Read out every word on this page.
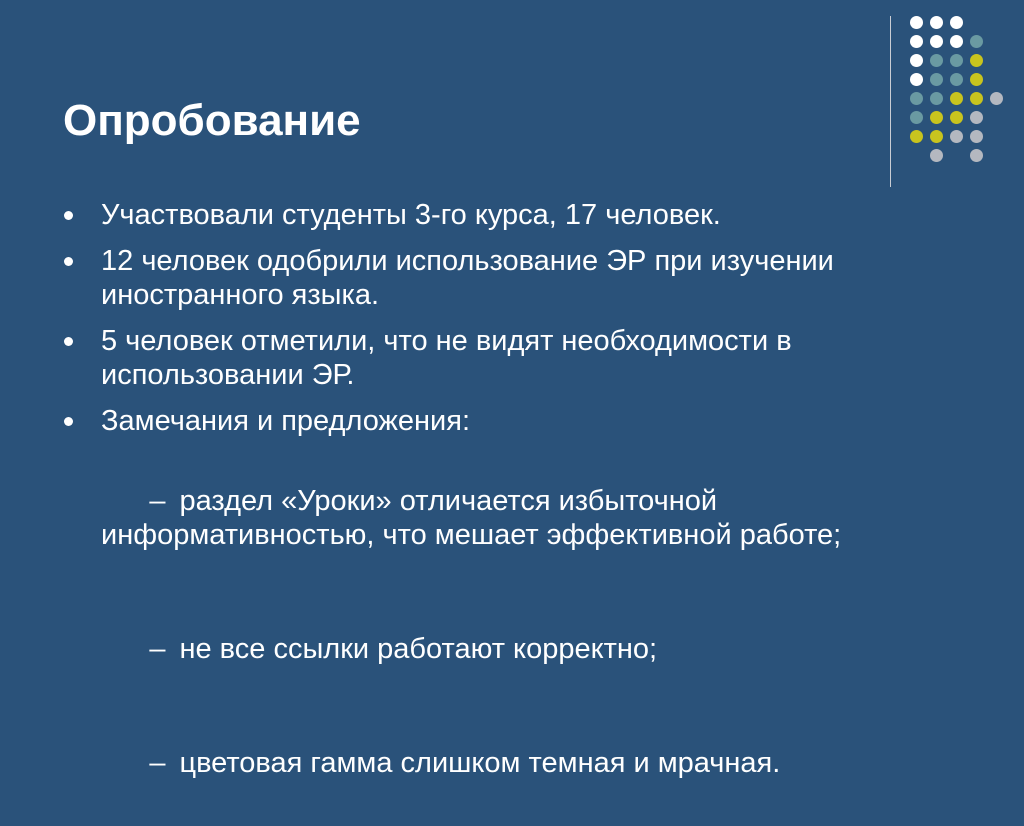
Опробование
Участвовали студенты 3-го курса, 17 человек.
12 человек одобрили использование ЭР при изучении иностранного языка.
5 человек отметили, что не видят необходимости в использовании ЭР.
Замечания и предложения:

– раздел «Уроки» отличается избыточной информативностью, что мешает эффективной работе;

– не все ссылки работают корректно;

– цветовая гамма слишком темная и мрачная.
